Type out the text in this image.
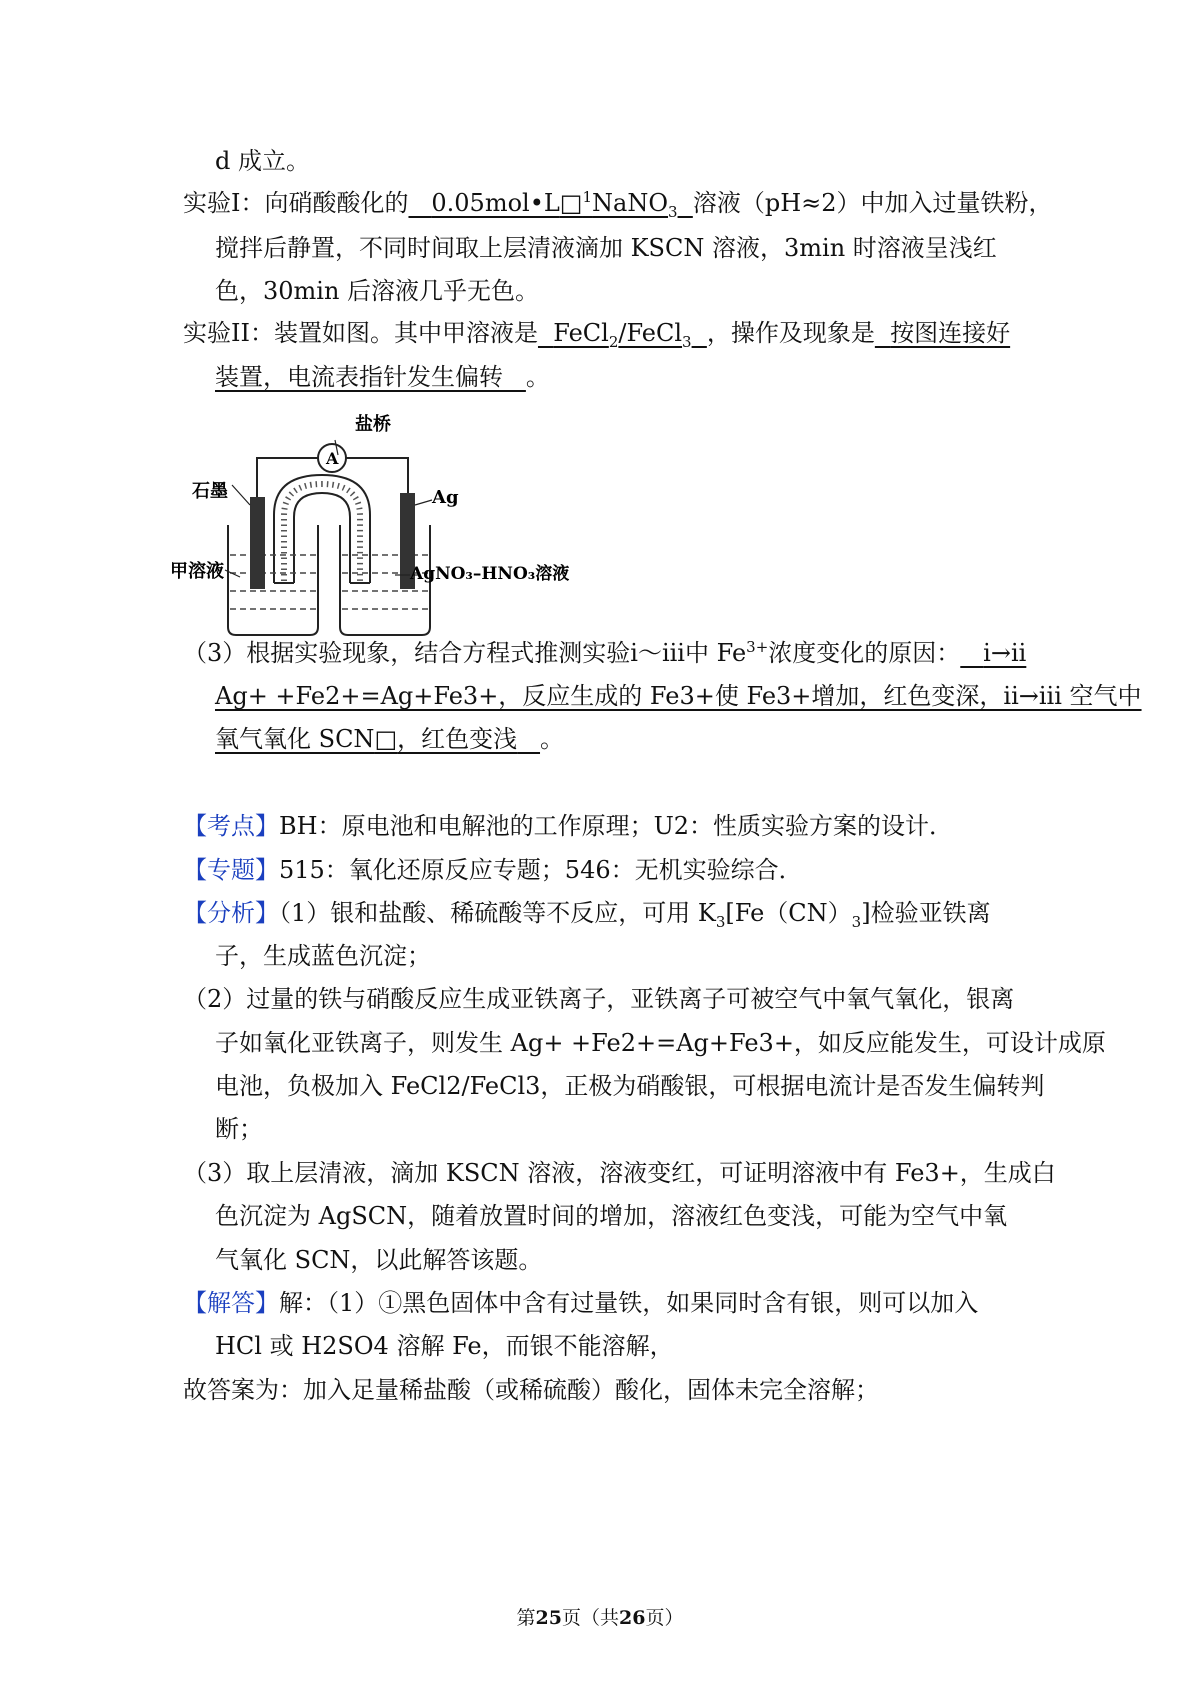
d 成立。
实验I：向硝酸酸化的 0.05mol•L□$^1$NaNO$_3$ 溶液（pH≈2）中加入过量铁粉，
搅拌后静置，不同时间取上层清液滴加 KSCN 溶液，3min 时溶液呈浅红
色，30min 后溶液几乎无色。
实验II：装置如图。其中甲溶液是 FeCl$_2$/FeCl$_3$ ，操作及现象是 按图连接好
装置，电流表指针发生偏转 。
盐桥
A
石墨	Ag
甲溶液	AgNO₃–HNO₃溶液
（3）根据实验现象，结合方程式推测实验i～iii中 $Fe^{3+}$浓度变化的原因： i→ii
Ag+ +Fe2+=Ag+Fe3+，反应生成的 Fe3+使 Fe3+增加，红色变深，ii→iii 空气中
氧气氧化 SCN□，红色变浅 。
【考点】BH：原电池和电解池的工作原理；U2：性质实验方案的设计．
【专题】515：氧化还原反应专题；546：无机实验综合．
【分析】（1）银和盐酸、稀硫酸等不反应，可用 $K_3[Fe(CN)_3]$检验亚铁离
子，生成蓝色沉淀；
（2）过量的铁与硝酸反应生成亚铁离子，亚铁离子可被空气中氧气氧化，银离
子如氧化亚铁离子，则发生 Ag+ +Fe2+=Ag+Fe3+，如反应能发生，可设计成原
电池，负极加入 FeCl2/FeCl3，正极为硝酸银，可根据电流计是否发生偏转判
断；
（3）取上层清液，滴加 KSCN 溶液，溶液变红，可证明溶液中有 Fe3+，生成白
色沉淀为 AgSCN，随着放置时间的增加，溶液红色变浅，可能为空气中氧
气氧化 SCN，以此解答该题。
【解答】解：（1）①黑色固体中含有过量铁，如果同时含有银，则可以加入
HCl 或 H2SO4 溶解 Fe，而银不能溶解，
故答案为：加入足量稀盐酸（或稀硫酸）酸化，固体未完全溶解；
第25页（共26页）
